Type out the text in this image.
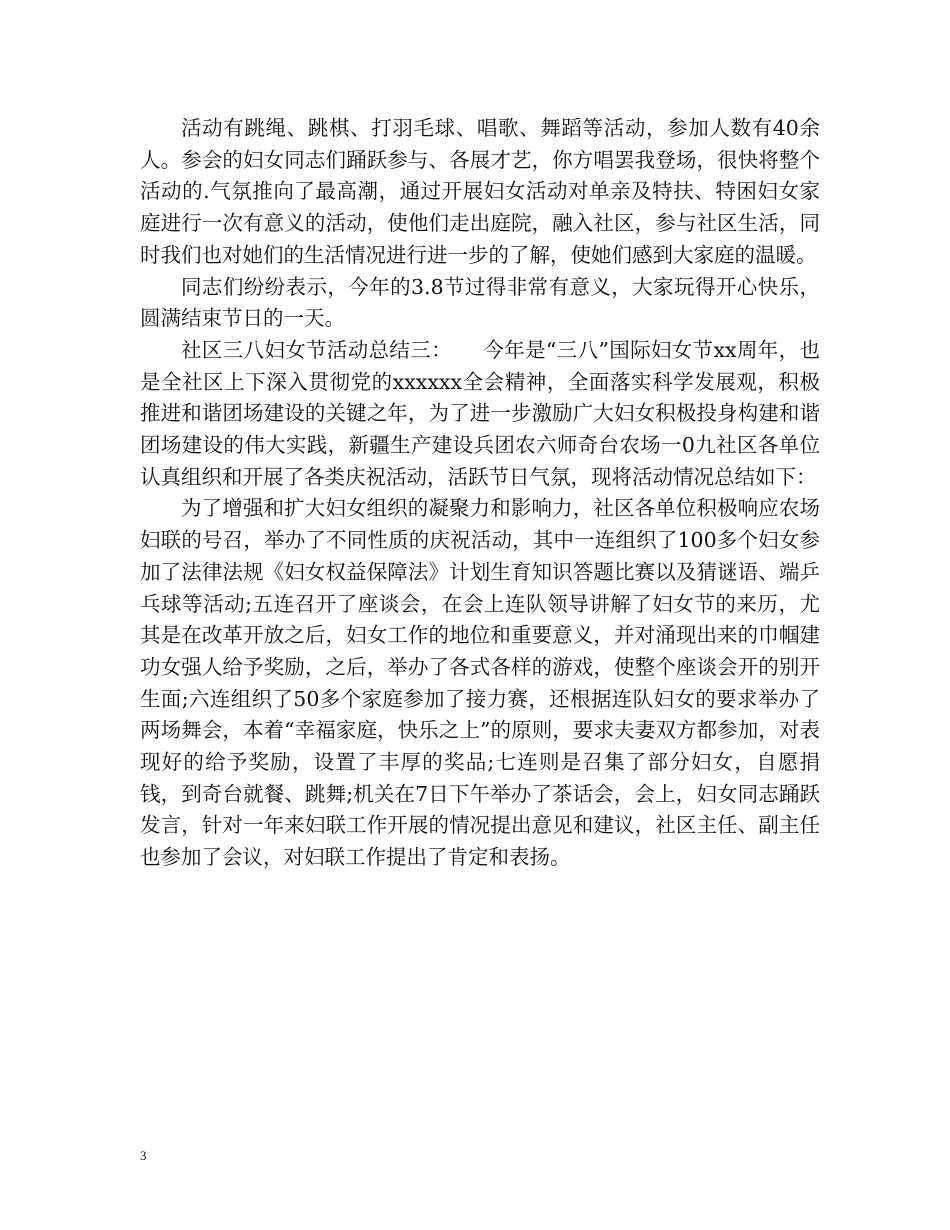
活动有跳绳、跳棋、打羽毛球、唱歌、舞蹈等活动，参加人数有40余人。参会的妇女同志们踊跃参与、各展才艺，你方唱罢我登场，很快将整个活动的.气氛推向了最高潮，通过开展妇女活动对单亲及特扶、特困妇女家庭进行一次有意义的活动，使他们走出庭院，融入社区，参与社区生活，同时我们也对她们的生活情况进行进一步的了解，使她们感到大家庭的温暖。

同志们纷纷表示，今年的3.8节过得非常有意义，大家玩得开心快乐，圆满结束节日的一天。

社区三八妇女节活动总结三：　　今年是“三八”国际妇女节xx周年，也是全社区上下深入贯彻党的xxxxxx全会精神，全面落实科学发展观，积极推进和谐团场建设的关键之年，为了进一步激励广大妇女积极投身构建和谐团场建设的伟大实践，新疆生产建设兵团农六师奇台农场一0九社区各单位认真组织和开展了各类庆祝活动，活跃节日气氛，现将活动情况总结如下：

为了增强和扩大妇女组织的凝聚力和影响力，社区各单位积极响应农场妇联的号召，举办了不同性质的庆祝活动，其中一连组织了100多个妇女参加了法律法规《妇女权益保障法》计划生育知识答题比赛以及猜谜语、端乒乓球等活动;五连召开了座谈会，在会上连队领导讲解了妇女节的来历，尤其是在改革开放之后，妇女工作的地位和重要意义，并对涌现出来的巾帼建功女强人给予奖励，之后，举办了各式各样的游戏，使整个座谈会开的别开生面;六连组织了50多个家庭参加了接力赛，还根据连队妇女的要求举办了两场舞会，本着“幸福家庭，快乐之上”的原则，要求夫妻双方都参加，对表现好的给予奖励，设置了丰厚的奖品;七连则是召集了部分妇女，自愿捐钱，到奇台就餐、跳舞;机关在7日下午举办了茶话会，会上，妇女同志踊跃发言，针对一年来妇联工作开展的情况提出意见和建议，社区主任、副主任也参加了会议，对妇联工作提出了肯定和表扬。

3
